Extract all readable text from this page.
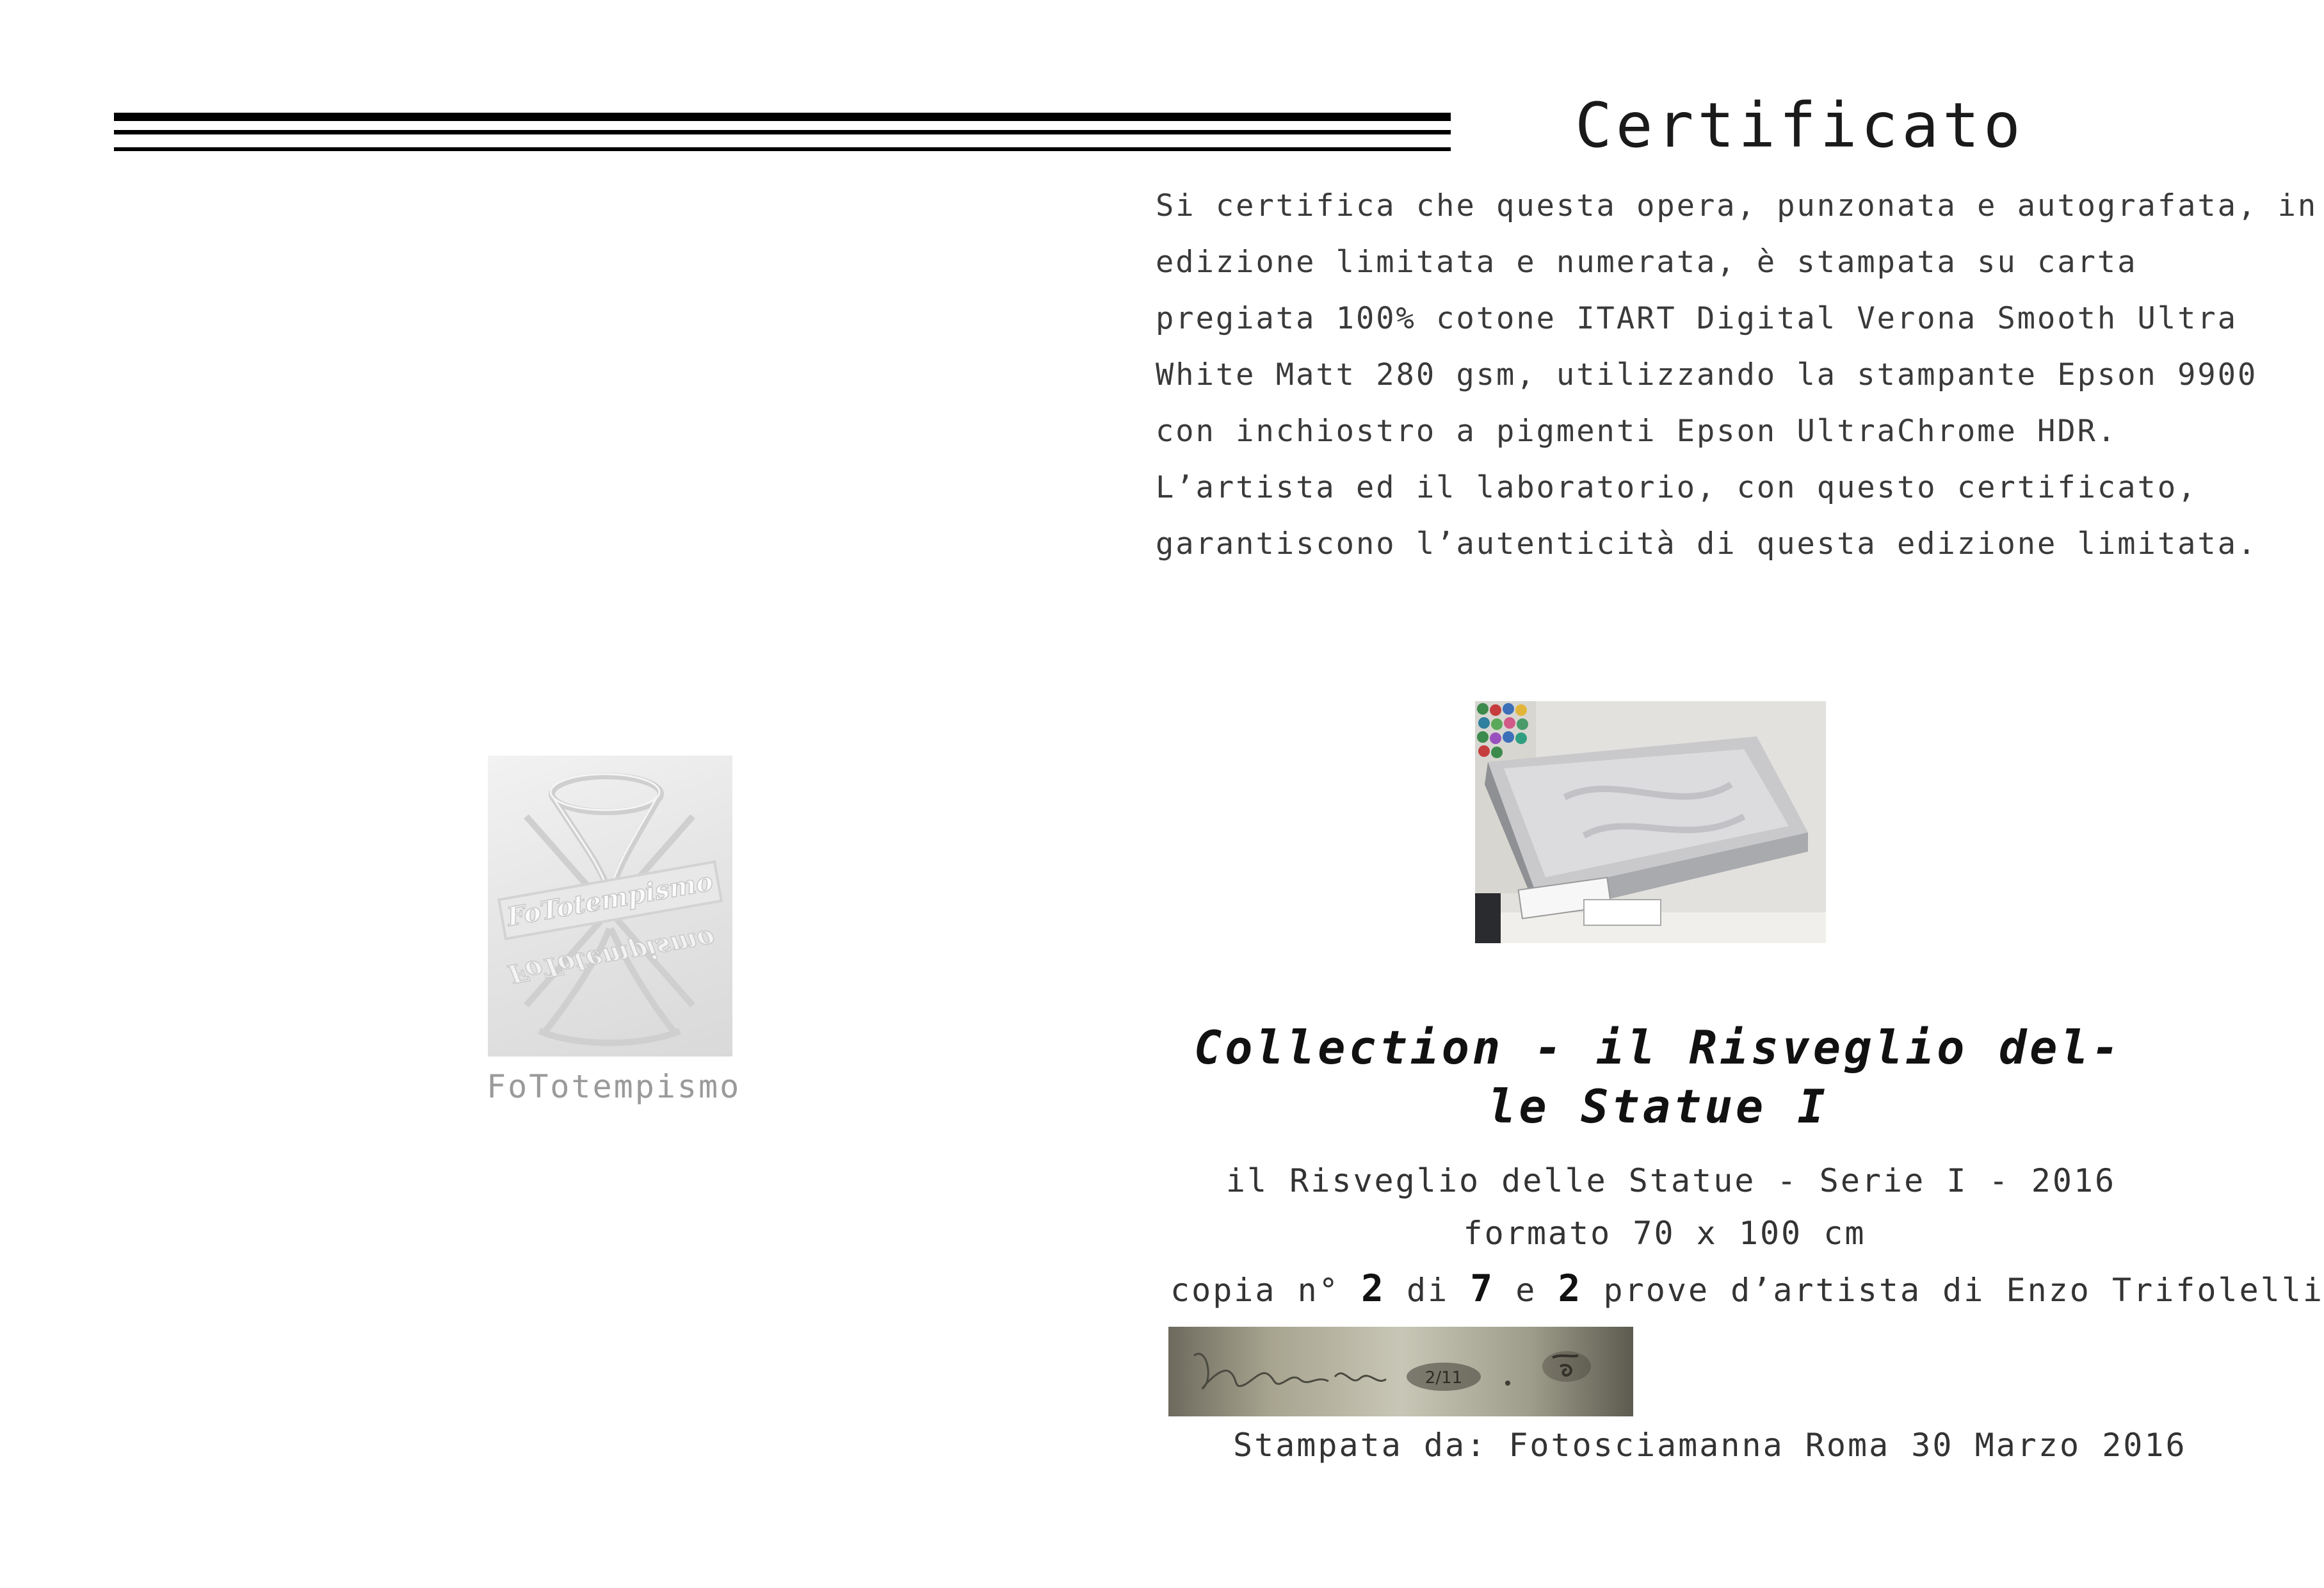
Certificato
Si certifica che questa opera, punzonata e autografata, in
edizione limitata e numerata, è stampata su carta
pregiata 100% cotone ITART Digital Verona Smooth Ultra
White Matt 280 gsm, utilizzando la stampante Epson 9900
con inchiostro a pigmenti Epson UltraChrome HDR.
L’artista ed il laboratorio, con questo certificato,
garantiscono l’autenticità di questa edizione limitata.
FoTotempismo
FoTotempismo
FoTotempismo
Collection - il Risveglio del-
le Statue I
il Risveglio delle Statue - Serie I - 2016
formato 70 x 100 cm
copia n° 2 di 7 e 2 prove d’artista di Enzo Trifolelli
2/11
Stampata da: Fotosciamanna Roma 30 Marzo 2016
